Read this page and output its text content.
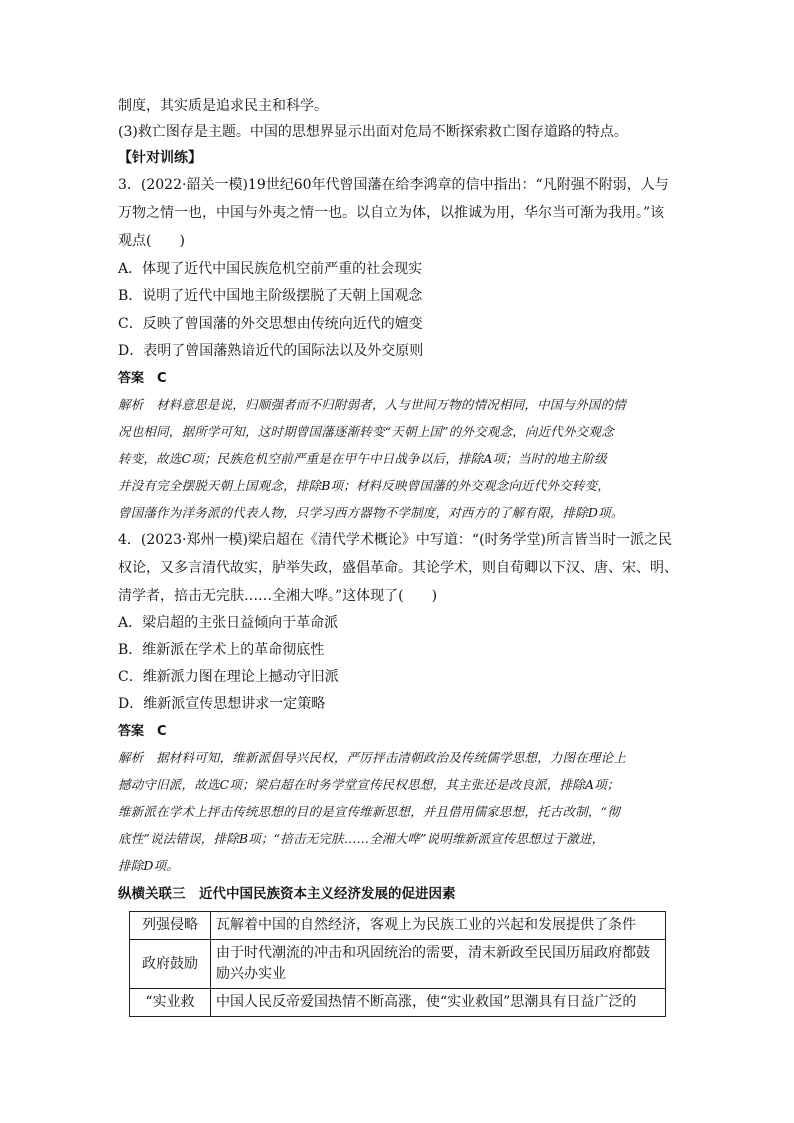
制度，其实质是追求民主和科学。
(3)救亡图存是主题。中国的思想界显示出面对危局不断探索救亡图存道路的特点。
【针对训练】
3．(2022·韶关一模)19世纪60年代曾国藩在给李鸿章的信中指出：“凡附强不附弱，人与
万物之情一也，中国与外夷之情一也。以自立为体，以推诚为用，华尔当可渐为我用。”该
观点(　　)
A．体现了近代中国民族危机空前严重的社会现实
B．说明了近代中国地主阶级摆脱了天朝上国观念
C．反映了曾国藩的外交思想由传统向近代的嬗变
D．表明了曾国藩熟谙近代的国际法以及外交原则
答案　C
解析　材料意思是说，归顺强者而不归附弱者，人与世间万物的情况相同，中国与外国的情
况也相同，据所学可知，这时期曾国藩逐渐转变“天朝上国”的外交观念，向近代外交观念
转变，故选C项；民族危机空前严重是在甲午中日战争以后，排除A项；当时的地主阶级
并没有完全摆脱天朝上国观念，排除B项；材料反映曾国藩的外交观念向近代外交转变，
曾国藩作为洋务派的代表人物，只学习西方器物不学制度，对西方的了解有限，排除D项。
4．(2023·郑州一模)梁启超在《清代学术概论》中写道：“(时务学堂)所言皆当时一派之民
权论，又多言清代故实，胪举失政，盛倡革命。其论学术，则自荀卿以下汉、唐、宋、明、
清学者，掊击无完肤……全湘大哗。”这体现了(　　)
A．梁启超的主张日益倾向于革命派
B．维新派在学术上的革命彻底性
C．维新派力图在理论上撼动守旧派
D．维新派宣传思想讲求一定策略
答案　C
解析　据材料可知，维新派倡导兴民权，严厉抨击清朝政治及传统儒学思想，力图在理论上
撼动守旧派，故选C项；梁启超在时务学堂宣传民权思想，其主张还是改良派，排除A项；
维新派在学术上抨击传统思想的目的是宣传维新思想，并且借用儒家思想，托古改制，“彻
底性”说法错误，排除B项；“掊击无完肤……全湘大哗”说明维新派宣传思想过于激进，
排除D项。
纵横关联三　近代中国民族资本主义经济发展的促进因素
列强侵略	瓦解着中国的自然经济，客观上为民族工业的兴起和发展提供了条件
政府鼓励	由于时代潮流的冲击和巩固统治的需要，清末新政至民国历届政府都鼓励兴办实业
“实业救	中国人民反帝爱国热情不断高涨，使“实业救国”思潮具有日益广泛的
